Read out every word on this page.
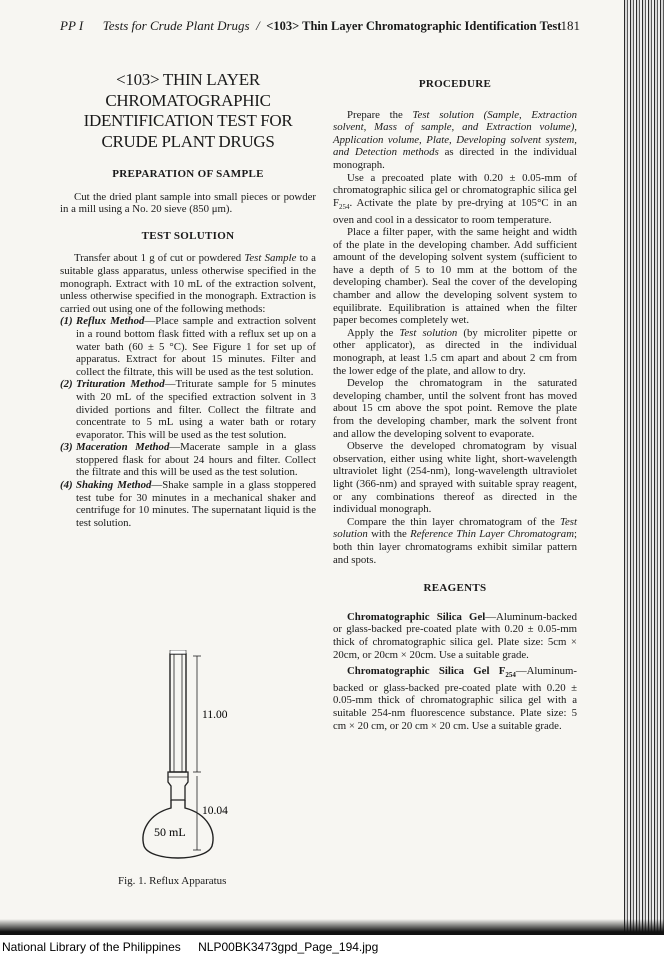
PP I Tests for Crude Plant Drugs / <103> Thin Layer Chromatographic Identification Test 181
<103> THIN LAYER
CHROMATOGRAPHIC
IDENTIFICATION TEST FOR
CRUDE PLANT DRUGS
PREPARATION OF SAMPLE

Cut the dried plant sample into small pieces or powder in a mill using a No. 20 sieve (850 μm).

TEST SOLUTION

Transfer about 1 g of cut or powdered Test Sample to a suitable glass apparatus, unless otherwise specified in the monograph. Extract with 10 mL of the extraction solvent, unless otherwise specified in the monograph. Extraction is carried out using one of the following methods:

(1) Reflux Method—Place sample and extraction solvent in a round bottom flask fitted with a reflux set up on a water bath (60 ± 5 °C). See Figure 1 for set up of apparatus. Extract for about 15 minutes. Filter and collect the filtrate, this will be used as the test solution.
(2) Trituration Method—Triturate sample for 5 minutes with 20 mL of the specified extraction solvent in 3 divided portions and filter. Collect the filtrate and concentrate to 5 mL using a water bath or rotary evaporator. This will be used as the test solution.
(3) Maceration Method—Macerate sample in a glass stoppered flask for about 24 hours and filter. Collect the filtrate and this will be used as the test solution.
(4) Shaking Method—Shake sample in a glass stoppered test tube for 30 minutes in a mechanical shaker and centrifuge for 10 minutes. The supernatant liquid is the test solution.
11.00
10.04
50 mL
Fig. 1. Reflux Apparatus
PROCEDURE

Prepare the Test solution (Sample, Extraction solvent, Mass of sample, and Extraction volume), Application volume, Plate, Developing solvent system, and Detection methods as directed in the individual monograph.

Use a precoated plate with 0.20 ± 0.05-mm of chromatographic silica gel or chromatographic silica gel $F_{254}$. Activate the plate by pre-drying at 105°C in an oven and cool in a dessicator to room temperature.

Place a filter paper, with the same height and width of the plate in the developing chamber. Add sufficient amount of the developing solvent system (sufficient to have a depth of 5 to 10 mm at the bottom of the developing chamber). Seal the cover of the developing chamber and allow the developing solvent system to equilibrate. Equilibration is attained when the filter paper becomes completely wet.

Apply the Test solution (by microliter pipette or other applicator), as directed in the individual monograph, at least 1.5 cm apart and about 2 cm from the lower edge of the plate, and allow to dry.

Develop the chromatogram in the saturated developing chamber, until the solvent front has moved about 15 cm above the spot point. Remove the plate from the developing chamber, mark the solvent front and allow the developing solvent to evaporate.

Observe the developed chromatogram by visual observation, either using white light, short-wavelength ultraviolet light (254-nm), long-wavelength ultraviolet light (366-nm) and sprayed with suitable spray reagent, or any combinations thereof as directed in the individual monograph.

Compare the thin layer chromatogram of the Test solution with the Reference Thin Layer Chromatogram; both thin layer chromatograms exhibit similar pattern and spots.

REAGENTS
Chromatographic Silica Gel—Aluminum-backed or glass-backed pre-coated plate with 0.20 ± 0.05-mm thick of chromatographic silica gel. Plate size: 5cm × 20cm, or 20cm × 20cm. Use a suitable grade.
Chromatographic Silica Gel $F_{254}—Aluminum$-backed or glass-backed pre-coated plate with 0.20 ± 0.05-mm thick of chromatographic silica gel with a suitable 254-nm fluorescence substance. Plate size: 5 cm × 20 cm, or 20 cm × 20 cm. Use a suitable grade.
National Library of the Philippines NLP00BK3473gpd_Page_194.jpg
